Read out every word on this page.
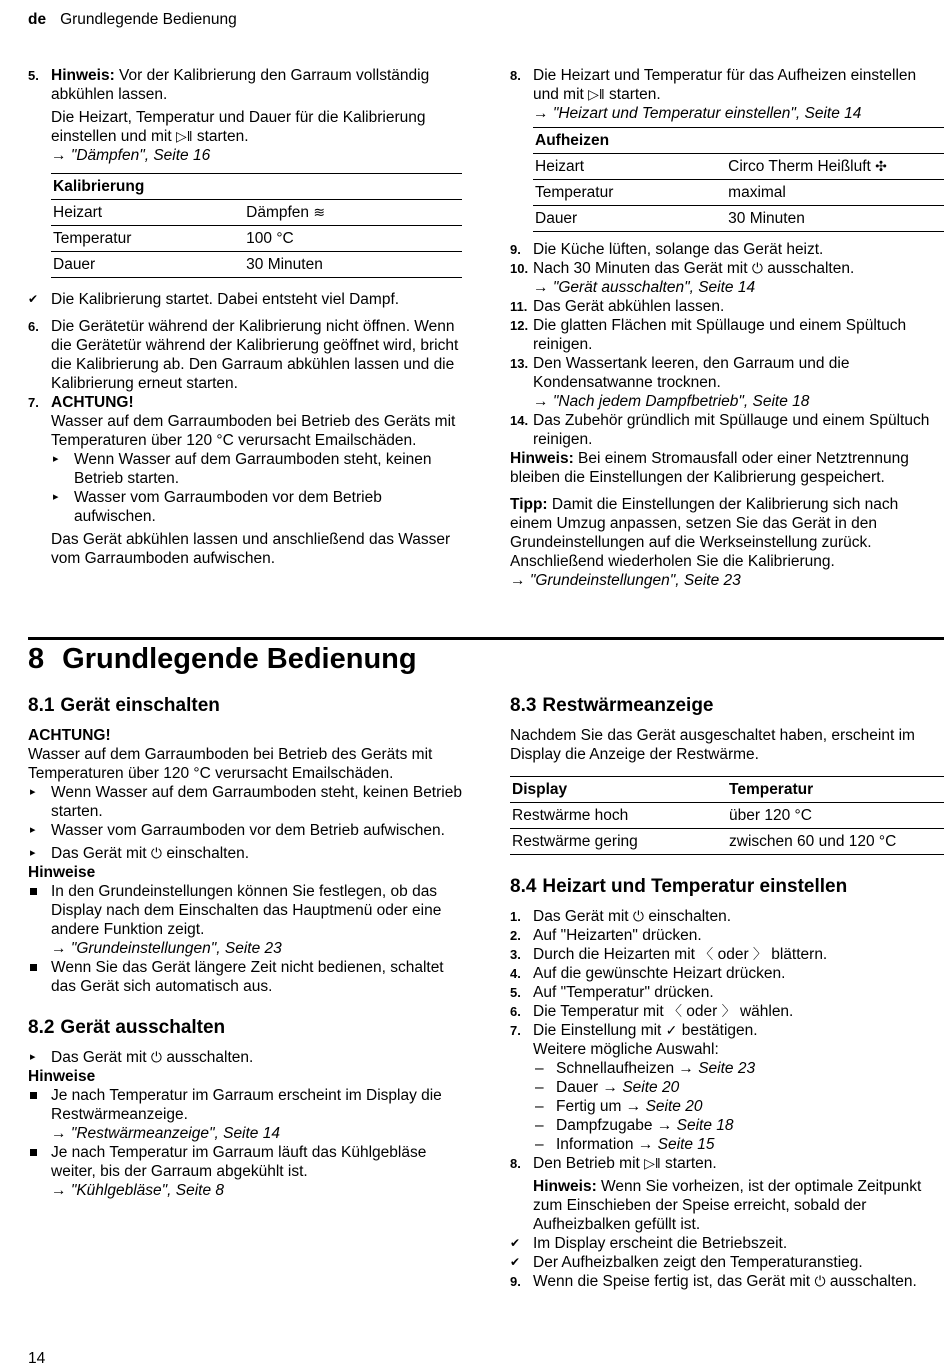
de Grundlegende Bedienung
5. Hinweis: Vor der Kalibrierung den Garraum vollständig abkühlen lassen.

Die Heizart, Temperatur und Dauer für die Kalibrierung einstellen und mit ▷‖ starten.

→ "Dämpfen", Seite 16

Kalibrierung	
Heizart	Dämpfen ≋
Temperatur	100 °C
Dauer	30 Minuten

✔ Die Kalibrierung startet. Dabei entsteht viel Dampf.

6. Die Gerätetür während der Kalibrierung nicht öffnen. Wenn die Gerätetür während der Kalibrierung geöffnet wird, bricht die Kalibrierung ab. Den Garraum abkühlen lassen und die Kalibrierung erneut starten.

7. ACHTUNG!

Wasser auf dem Garraumboden bei Betrieb des Geräts mit Temperaturen über 120 °C verursacht Emailschäden.

▸ Wenn Wasser auf dem Garraumboden steht, keinen Betrieb starten.

▸ Wasser vom Garraumboden vor dem Betrieb aufwischen.

Das Gerät abkühlen lassen und anschließend das Wasser vom Garraumboden aufwischen.

8. Die Heizart und Temperatur für das Aufheizen einstellen und mit ▷‖ starten.

→ "Heizart und Temperatur einstellen", Seite 14

Aufheizen	
Heizart	Circo Therm Heißluft ✣
Temperatur	maximal
Dauer	30 Minuten
9. Die Küche lüften, solange das Gerät heizt.

10. Nach 30 Minuten das Gerät mit ⏻ ausschalten.

→ "Gerät ausschalten", Seite 14

11. Das Gerät abkühlen lassen.

12. Die glatten Flächen mit Spüllauge und einem Spültuch reinigen.

13. Den Wassertank leeren, den Garraum und die Kondensatwanne trocknen.

→ "Nach jedem Dampfbetrieb", Seite 18

14. Das Zubehör gründlich mit Spüllauge und einem Spültuch reinigen.

Hinweis: Bei einem Stromausfall oder einer Netztrennung bleiben die Einstellungen der Kalibrierung gespeichert.

Tipp: Damit die Einstellungen der Kalibrierung sich nach einem Umzug anpassen, setzen Sie das Gerät in den Grundeinstellungen auf die Werkseinstellung zurück. Anschließend wiederholen Sie die Kalibrierung.

→ "Grundeinstellungen", Seite 23

8 Grundlegende Bedienung

8.1 Gerät einschalten

ACHTUNG!

Wasser auf dem Garraumboden bei Betrieb des Geräts mit Temperaturen über 120 °C verursacht Emailschäden.

▸ Wenn Wasser auf dem Garraumboden steht, keinen Betrieb starten.

▸ Wasser vom Garraumboden vor dem Betrieb aufwischen.

▸ Das Gerät mit ⏻ einschalten.

Hinweise

In den Grundeinstellungen können Sie festlegen, ob das Display nach dem Einschalten das Hauptmenü oder eine andere Funktion zeigt.

→ "Grundeinstellungen", Seite 23

Wenn Sie das Gerät längere Zeit nicht bedienen, schaltet das Gerät sich automatisch aus.

8.2 Gerät ausschalten

▸ Das Gerät mit ⏻ ausschalten.

Hinweise

Je nach Temperatur im Garraum erscheint im Display die Restwärmeanzeige.

→ "Restwärmeanzeige", Seite 14

Je nach Temperatur im Garraum läuft das Kühlgebläse weiter, bis der Garraum abgekühlt ist.

→ "Kühlgebläse", Seite 8

8.3 Restwärmeanzeige

Nachdem Sie das Gerät ausgeschaltet haben, erscheint im Display die Anzeige der Restwärme.

Display	Temperatur
Restwärme hoch	über 120 °C
Restwärme gering	zwischen 60 und 120 °C

8.4 Heizart und Temperatur einstellen

1. Das Gerät mit ⏻ einschalten.
2. Auf "Heizarten" drücken.
3. Durch die Heizarten mit 〈 oder 〉 blättern.
4. Auf die gewünschte Heizart drücken.
5. Auf "Temperatur" drücken.
6. Die Temperatur mit 〈 oder 〉 wählen.
7. Die Einstellung mit ✓ bestätigen.

Weitere mögliche Auswahl:

– Schnellaufheizen → Seite 23

– Dauer → Seite 20

– Fertig um → Seite 20

– Dampfzugabe → Seite 18

– Information → Seite 15

8. Den Betrieb mit ▷‖ starten.

Hinweis: Wenn Sie vorheizen, ist der optimale Zeitpunkt zum Einschieben der Speise erreicht, sobald der Aufheizbalken gefüllt ist.

✔ Im Display erscheint die Betriebszeit.

✔ Der Aufheizbalken zeigt den Temperaturanstieg.

9. Wenn die Speise fertig ist, das Gerät mit ⏻ ausschalten.
14
